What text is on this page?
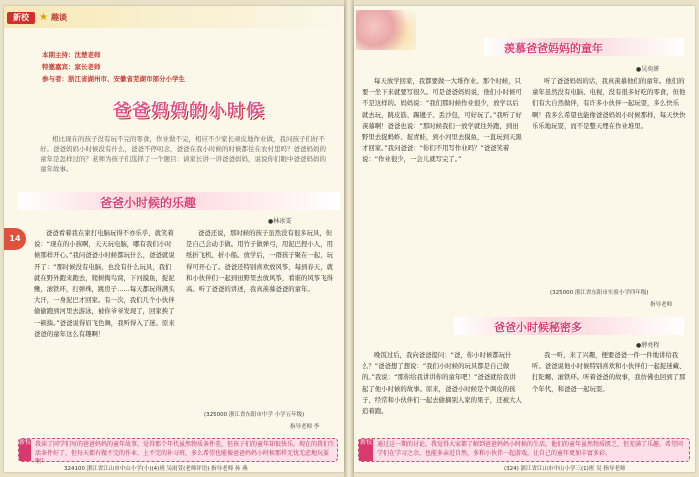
新校	★ 趣谈
本期主持：沈楚老师
特邀嘉宾：家长老师
参与者：浙江省湖州市、安徽省芜湖市部分小学生
爸爸妈妈的小时候
相比现在的孩子没有玩不完的零食，作业做不完，相应不少家长顽皮地作业做，我问孩子们好不好。爸爸妈妈小时候没有什么，爸爸不停叨念，爸爸在我小时候的时候都住在农村里吗？爸爸妈妈的童年是怎样过的？老师为孩子们选择了一个题目：请家长讲一讲爸爸妈妈，说说你们眼中爸爸妈妈的童年故事。
爸爸小时候的乐趣
●林冰雯
14
爸爸看着我在家打电脑玩得不亦乐乎，就笑着说：“现在的小孩啊，天天玩电脑，哪有我们小时候那样开心。”我问爸爸小时候都玩什么，爸爸就说开了：“那时候没有电脑，也没有什么玩具，我们就在野外跑来跑去，爬树掏鸟窝，下河摸鱼，捉泥鳅，滚铁环，打弹珠，跳房子……每天都玩得满头大汗，一身泥巴才回家。有一次，我们几个小伙伴偷偷跑到河里去游泳，被你爷爷发现了，回家挨了一顿揍。”爸爸说得眉飞色舞，我听得入了迷。原来爸爸的童年这么有趣啊！
爸爸还说，那时候的孩子虽然没有很多玩具，但是自己会动手做。用竹子做弹弓，用泥巴捏小人，用纸折飞机、折小船。放学后，一群孩子聚在一起，玩得可开心了。爸爸还特别喜欢放风筝，每到春天，就和小伙伴们一起到田野里去放风筝，看谁的风筝飞得高。听了爸爸的讲述，我真羡慕爸爸的童年。
(325000 浙江省东阳市中学 小学五年级)
指导老师 李
新校 我读了同学们写的爸爸妈妈的童年故事，觉得那个年代虽然物质条件差，但孩子们的童年却很快乐。现在的我们生活条件好了，但每天都有做不完的作业、上不完的补习班，多么希望也能像爸爸妈妈小时候那样无忧无虑地玩耍啊！
324100 浙江省江山市中山小学(小)(4)班 吴雨萱(老师评语) 指导老师 孙 燕
羡慕爸爸妈妈的童年
●吴奕妍
每天放学回家，我都要做一大堆作业。那个时候，只要一坐下来就要写很久。可是爸爸妈妈说，他们小时候可不是这样的。妈妈说：“我们那时候作业很少，放学以后就去玩，跳皮筋、踢毽子、丢沙包，可好玩了。”我听了好羡慕啊！爸爸也说：“那时候我们一放学就往外跑，到田野里去捉蚂蚱、捉青蛙，到小河里去摸鱼，一直玩到天黑才回家。”我问爸爸：“你们不用写作业吗？”爸爸笑着说：“作业很少，一会儿就写完了。”
听了爸爸妈妈的话，我真羡慕他们的童年。他们的童年虽然没有电脑、电视，没有很多好吃的零食，但他们有大自然做伴，有许多小伙伴一起玩耍，多么快乐啊！我多么希望也能像爸爸妈妈小时候那样，每天快快乐乐地玩耍，而不是整天埋在作业堆里。
(325000 浙江省东阳市实验小学四年级)
指导老师
爸爸小时候秘密多
●薛亮程
晚饭过后，我向爸爸提问：“爸，你小时候都玩什么？”爸爸想了想说：“我们小时候的玩具都是自己做的。”我说：“那你给我讲讲你的童年吧！”爸爸就给我讲起了他小时候的故事。原来，爸爸小时候是个调皮的孩子，经常和小伙伴们一起去偷摘别人家的果子，还被大人追着跑。
我一听，来了兴趣，便要爸爸一件一件地讲给我听。爸爸说他小时候特别喜欢和小伙伴们一起捉迷藏、打陀螺、滚铁环。听着爸爸的故事，我仿佛也回到了那个年代，和爸爸一起玩耍。
新校 通过这一期的讨论，我觉得大家都了解到爸爸妈妈小时候的生活，他们的童年虽然物质匮乏，但充满了乐趣。希望同学们在学习之余，也能多亲近自然，多和小伙伴一起游戏，让自己的童年更加丰富多彩。
(324) 浙江省江山市中山小学三(1)班 吴 指导老师
